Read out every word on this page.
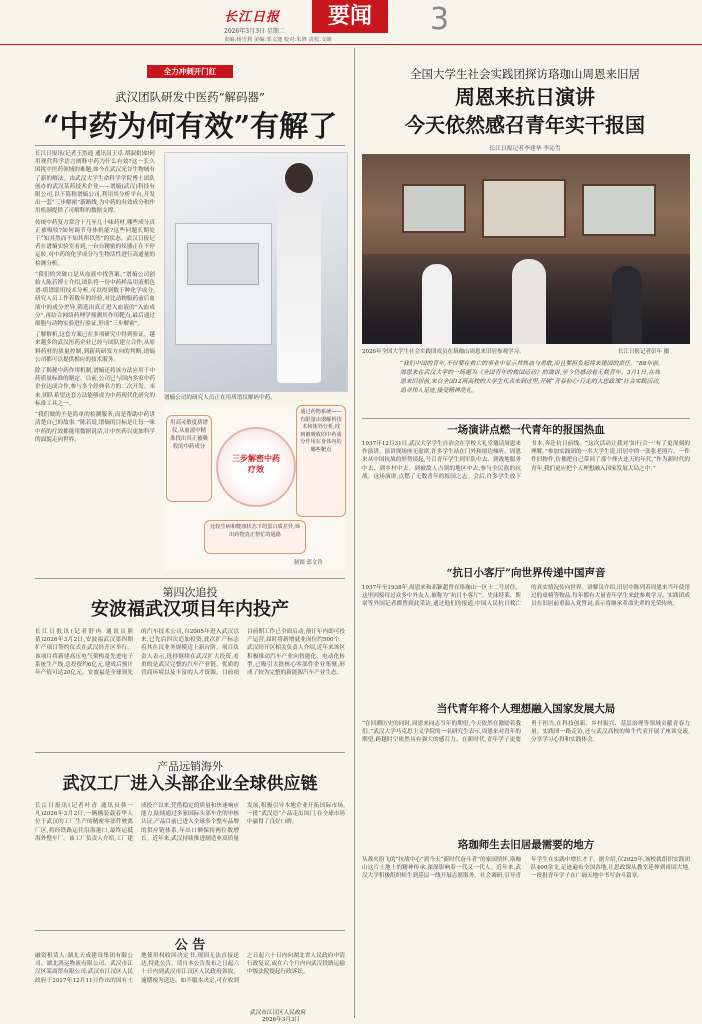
长江日报
2026年3月3日 星期二
责编:杨雪莉 美编:邹文逸 校对:朱修 责校:文朗
要闻	3
全力冲刺开门红
武汉团队研发中医药“解码器”
“中药为何有效”有解了

长江日报讯(记者王然通 通讯员王卓 胡淑娟)如何用现代科学语言阐释中药为什么有效?这一长久困扰中医药领域的难题,如今在武汉光谷生物城有了新的解法。由武汉大学生命科学学院博士团队创办的武汉某药技术企业——谱熵(武汉)科技有限公司,以下简称谱熵公司,利用其分析平台,开发出一套“三步解密”新路线,为中药的有效成分和作用机制提供了可解释的数据支撑。

传统中药复方常含十几至几十味药材,哪些成分真正被吸收?如何调节身体机能?这些问题长期处于“知其然而不知其所以然”的状态。武汉日报记者在谱熵实验室看到,一台台精密的仪器正在不停运转,对中药的化学成分与生物活性进行高通量的检测分析。

“我们的突破口是从血液中找答案。”谱熵公司创始人陈若博士介绍,团队将一份中药样品用液相色谱-质谱联用技术分析,可以得到数千种化学成分,研究人员工作着数年的经验,对比动物服药前后血液中的成分差异,筛选出真正进入血液的“入血成分”,再结合网络药理学预测其作用靶点,最后通过细胞与动物实验进行验证,形成“三步解密”。

了解解析,这套方案已在多项研究中得到验证。越来越多的武汉医药企业已经与团队建立合作,从原料药材的质量控制,到新药研发方向的判断,谱熵公司都可以提供相应的技术服务。

除了揭秘中药作用机制,谱熵还将该方法应用于中药质量标准的制定。目前,公司已与国内多家中药企业达成合作,参与多个经典名方的二次开发。未来,团队希望这套方法能够成为中药现代化研究的标准工具之一。

“我们做的不是简单的检测服务,而是帮助中药讲清楚自己的故事。”陈若说,谱熵的目标是让每一味中药的疗效都能用数据说话,让中医药以更加科学的面貌走向世界。

谱熵公司的研究人员正在用质谱仪解码中药。
用高灵敏度质谱仪,从血液中精准找出真正被吸收的中药成分
三步解密中药疗效
通过药物系统——有限量由器解析技术和体外分析,找到被吸收的中药成分作用在身体内的哪些靶点
比较生病和健康状态下的蛋白质差异,筛出药物真正帮忙的通路
制图 郭文铃
第四次追投
安波福武汉项目年内投产
长江日报讯(记者舒冉 通讯员熊倩)2026年3月2日,安波福武汉第四期扩产项目签约仪式在武汉经开区举行。该项目将新建高压电气架构及先进电子系统生产线,总投资约6亿元,建成后预计年产值可达20亿元。安波福是全球领先的汽车技术公司,自2005年进入武汉以来,已先后四次追加投资,此次扩产标志着其在汉业务规模迈上新台阶。项目负责人表示,选择继续在武汉扩大投资,看重的是武汉完整的汽车产业链、优质的营商环境以及丰富的人才资源。目前项目前期工作已全面启动,预计年内即可投产运营,届时将新增就业岗位约500个。武汉经开区相关负责人介绍,近年来该区积极推动汽车产业向智能化、电动化转型,已吸引大批核心零部件企业集聚,形成了较为完整的新能源汽车产业生态。
产品远销海外
武汉工厂进入头部企业全球供应链
长江日报讯(记者叶青 通讯员韩一凡)2026年3月2日,一辆辆装载着华人位于武汉的工厂生产的精密零部件驶离厂区,将经铁路运往沿海港口,最终运抵海外整车厂。该工厂负责人介绍,工厂建成投产以来,凭借稳定的质量和快速响应能力,陆续通过多家国际头部车企的审核认证,产品目前已进入全球多个整车品牌的供应链体系,年出口额保持两位数增长。近年来,武汉持续推进制造业高质量发展,积极引导本地企业开拓国际市场,一批“武汉造”产品走出国门,在全球市场中赢得了良好口碑。
公 告
融资租赁人:湖北天成建设集团有限公司、湖北鸿运物流有限公司、武汉市江汉区某商贸有限公司:武汉市江汉区人民政府于2017年12月11日作出的国有土地使用权收回决定书,现因无法直接送达,特此公告。请自本公告发布之日起六十日内到武汉市江汉区人民政府领取。逾期视为送达。如不服本决定,可在收到之日起六十日内向湖北省人民政府申请行政复议,或在六个月内向武汉铁路运输中级法院提起行政诉讼。
武汉市江汉区人民政府
2026年3月3日
全国大学生社会实践团探访珞珈山周恩来旧居
周恩来抗日演讲
今天依然感召青年实干报国
长江日报记者李建华 李沁雪
2026年全国大学生社会实践团成员在珞珈山周恩来旧居参观学习。	长江日报记者彭年 摄
“我们中国的青年,不仅要在救亡的事业中显示其热血与勇敢,而且要担负起将来建国的责任。”88年前,周恩来在武汉大学的一场题为《全国青年的救国运动》的演讲,至今仍感动着无数青年。3月1日,在周恩来旧居前,来自全国12所高校的大学生代表来到这里,开展“青春初心·行走的大思政课”社会实践活动,追寻伟人足迹,接受精神洗礼。
一场演讲点燃一代青年的报国热血
1937年12月31日,武汉大学学生自治会在学校大礼堂邀请周恩来作演讲。演讲现场座无虚席,许多学生站在门外和窗边倾听。周恩来从中国抗战的形势谈起,号召青年学生到军队中去、到战地服务中去、到乡村中去、到被敌人占领的地区中去,参与全民族的抗战。这场演讲,点燃了无数青年的报国之志。会后,许多学生放下书本,奔赴抗日前线。“这次活动让我对‘知行合一’有了更深刻的理解。”参加实践团的一名大学生说,旧居中的一张张老照片、一件件旧物件,仿佛把自己带回了那个烽火连天的年代,“作为新时代的青年,我们更应把个人理想融入国家发展大局之中。”
“抗日小客厅”向世界传递中国声音
1937年至1938年,周恩来和邓颖超曾在珞珈山一区十二号居住。这里因接待过众多中外友人,被称为“抗日小客厅”。史沫特莱、斯诺等外国记者都曾到此采访,通过他们的报道,中国人民抗日救亡的真实情况传向世界。讲解员介绍,旧居中陈列着周恩来当年使用过的桌椅等物品,每年都有大量青年学生来此参观学习。实践团成员在旧居前重温入党誓词,表示将继承革命先辈的光荣传统。
当代青年将个人理想融入国家发展大局
“在回溯历史的同时,周恩来同志当年的期望,今天依然在激励着我们。”武汉大学马克思主义学院的一名研究生表示,周恩来对青年的期望,跨越时空依然具有强大的感召力。在新时代,青年学子更要勇于担当,在科技创新、乡村振兴、基层治理等领域贡献青春力量。实践团一路走访,还与武汉高校的师生代表开展了座谈交流,分享学习心得和实践体会。
珞珈师生去旧居最需要的地方
从战火纷飞的“抗战中心”到今天“新时代奋斗者”的家国情怀,珞珈山这片土地上的精神传承,深深影响着一代又一代人。近年来,武汉大学积极组织师生到基层一线开展志愿服务、社会调研,引导青年学生在实践中增长才干。据介绍,仅2025年,该校就组织实践团队400余支,足迹遍布全国各地,让思政课从教室延伸到祖国大地,一批批青年学子在广阔天地中书写奋斗篇章。
